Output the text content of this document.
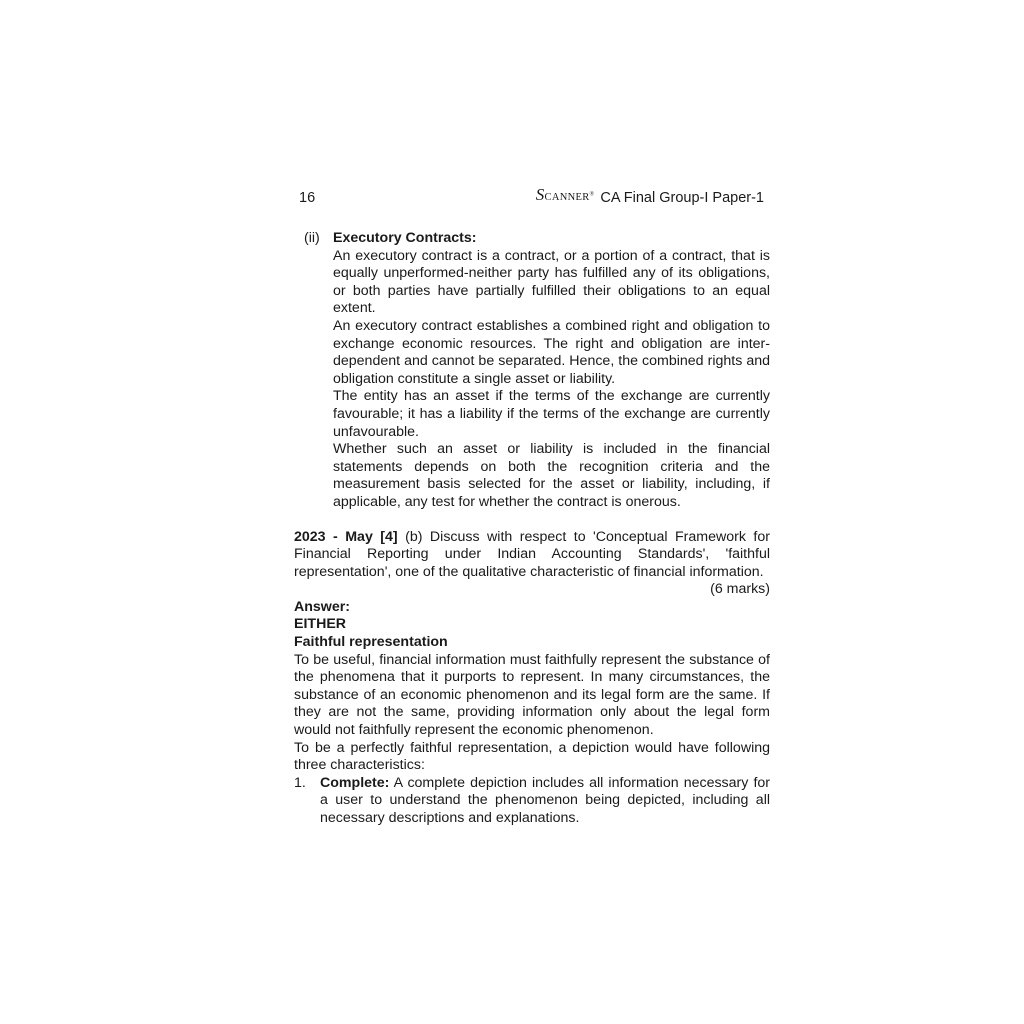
16	SCANNER® CA Final Group-I Paper-1
(ii) Executory Contracts:

An executory contract is a contract, or a portion of a contract, that is equally unperformed-neither party has fulfilled any of its obligations, or both parties have partially fulfilled their obligations to an equal extent.

An executory contract establishes a combined right and obligation to exchange economic resources. The right and obligation are inter-dependent and cannot be separated. Hence, the combined rights and obligation constitute a single asset or liability.

The entity has an asset if the terms of the exchange are currently favourable; it has a liability if the terms of the exchange are currently unfavourable.

Whether such an asset or liability is included in the financial statements depends on both the recognition criteria and the measurement basis selected for the asset or liability, including, if applicable, any test for whether the contract is onerous.

2023 - May [4] (b) Discuss with respect to 'Conceptual Framework for Financial Reporting under Indian Accounting Standards', 'faithful representation', one of the qualitative characteristic of financial information.

(6 marks)

Answer:

EITHER

Faithful representation

To be useful, financial information must faithfully represent the substance of the phenomena that it purports to represent. In many circumstances, the substance of an economic phenomenon and its legal form are the same. If they are not the same, providing information only about the legal form would not faithfully represent the economic phenomenon.

To be a perfectly faithful representation, a depiction would have following three characteristics:

1. Complete: A complete depiction includes all information necessary for a user to understand the phenomenon being depicted, including all necessary descriptions and explanations.
